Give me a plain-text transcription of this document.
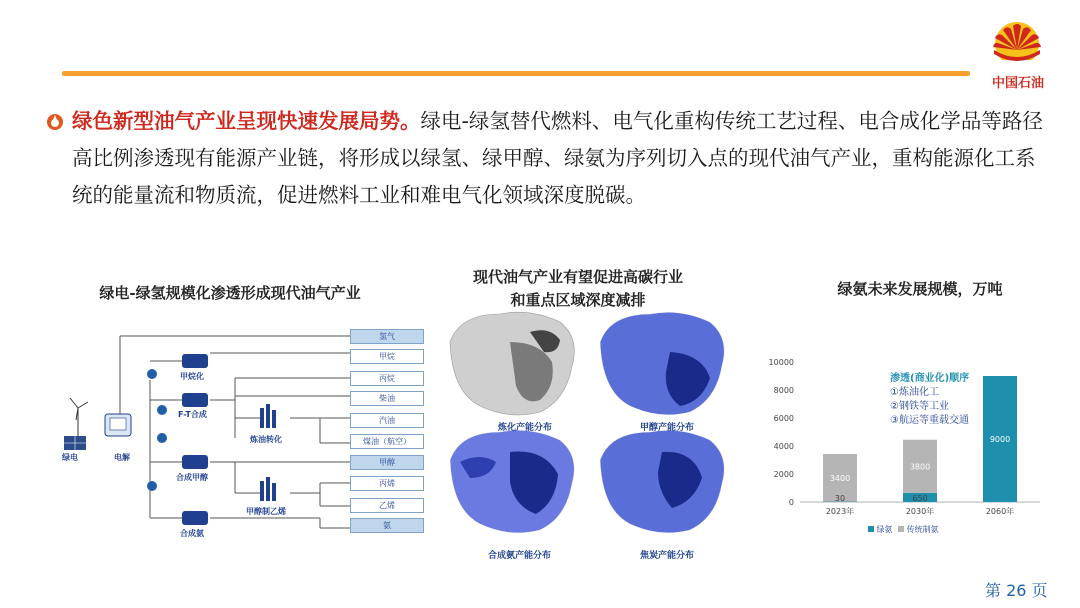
中国石油
绿色新型油气产业呈现快速发展局势。绿电-绿氢替代燃料、电气化重构传统工艺过程、电合成化学品等路径高比例渗透现有能源产业链，将形成以绿氢、绿甲醇、绿氨为序列切入点的现代油气产业，重构能源化工系统的能量流和物质流，促进燃料工业和难电气化领域深度脱碳。
绿电-绿氢规模化渗透形成现代油气产业
现代油气产业有望促进高碳行业
和重点区域深度减排
绿氨未来发展规模，万吨
绿电	电解
甲烷化
F-T合成
合成甲醇
合成氨
炼油转化
甲醇制乙烯
氢气
甲烷
丙烷
柴油
汽油
煤油（航空）
甲醇
丙烯
乙烯
氨
炼化产能分布	甲醇产能分布
合成氨产能分布	焦炭产能分布
0
2000
4000
6000
8000
10000
30
3400
2023年
650
3800
2030年
9000
2060年
渗透(商业化)顺序
①炼油化工
②钢铁等工业
③航运等重载交通
绿氨 传统制氨
第 26 页
